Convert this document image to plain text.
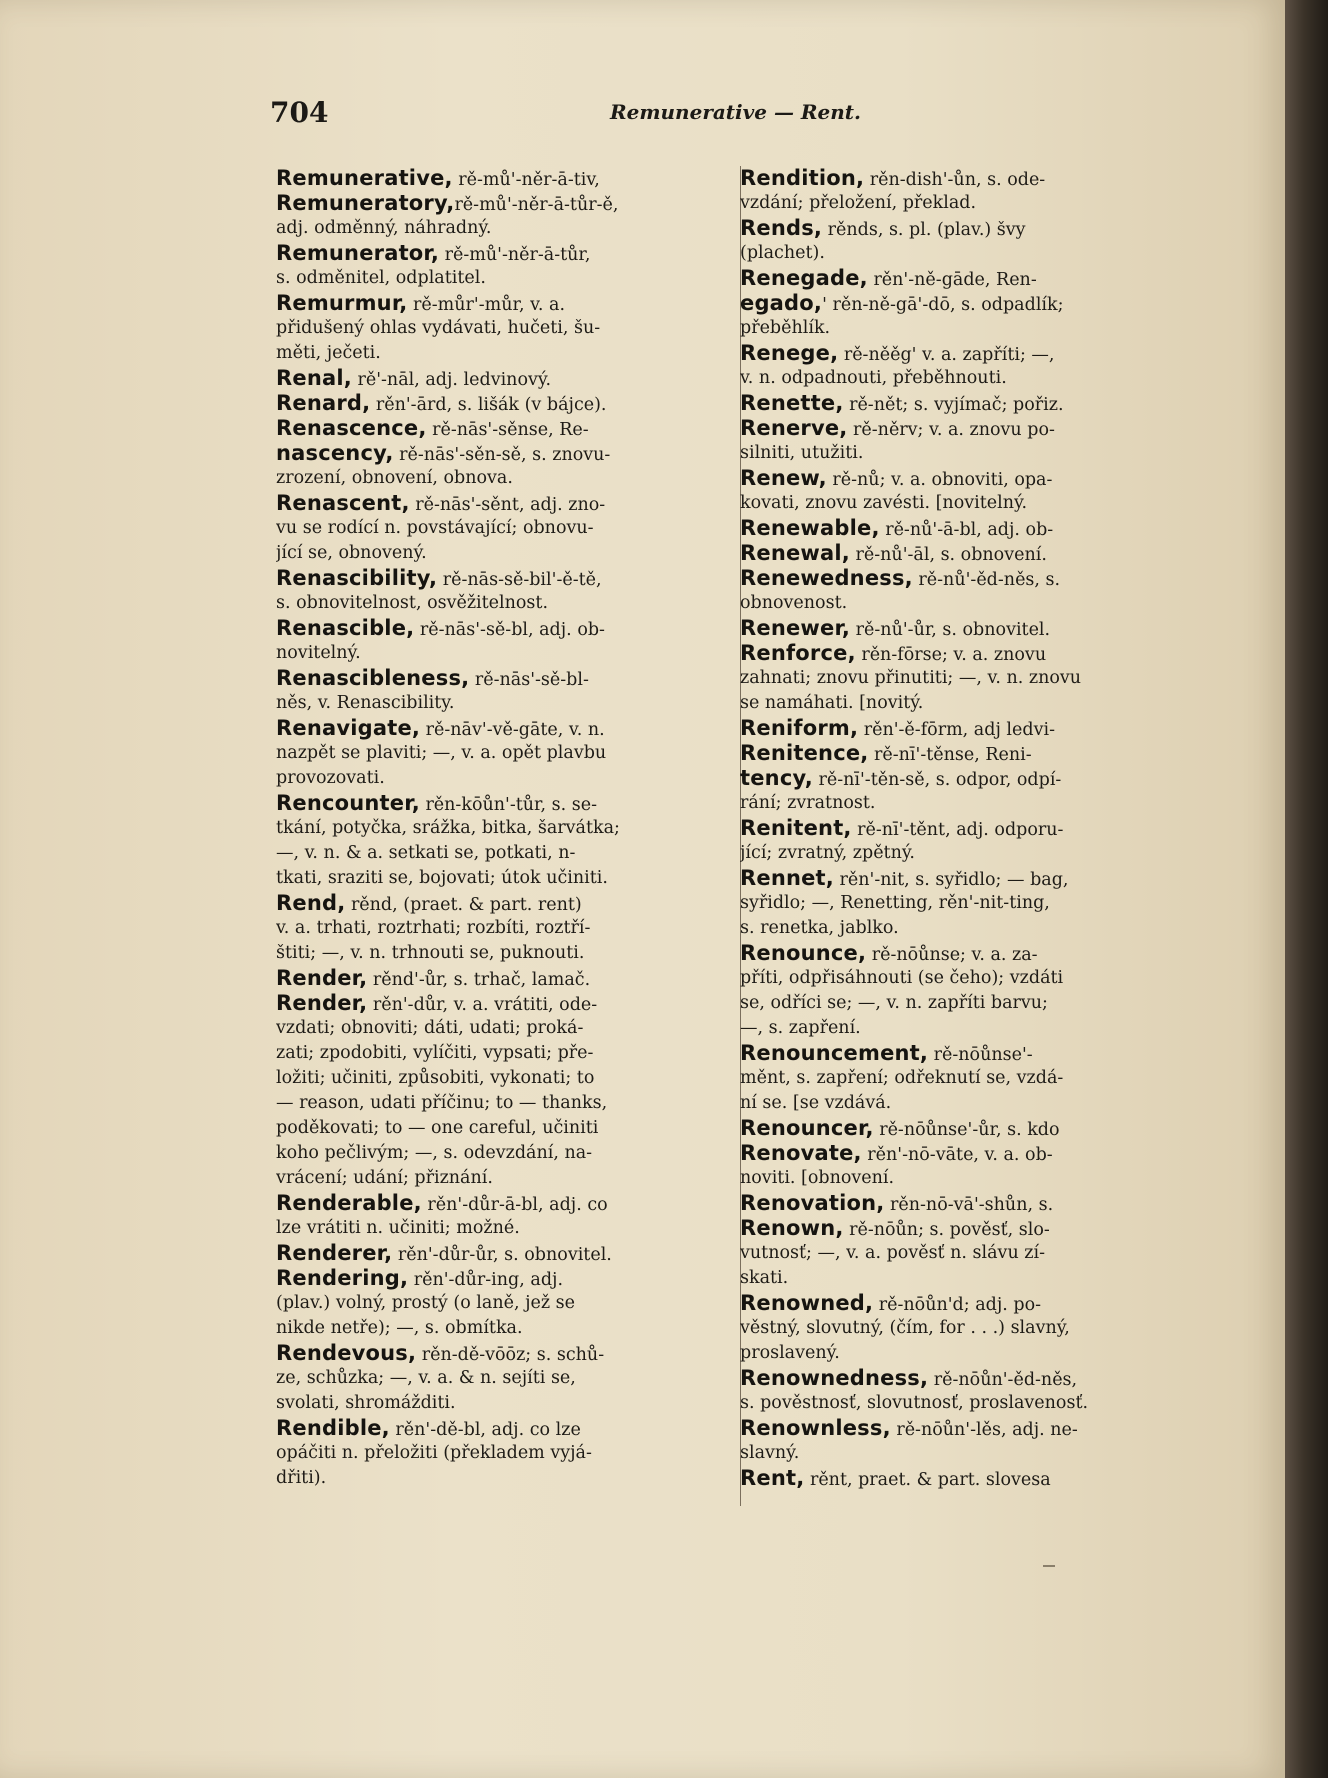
704	Remunerative — Rent.
Remunerative, rě-mů'-něr-ā-tiv,
Remuneratory,rě-mů'-něr-ā-tůr-ě,
adj. odměnný, náhradný.
Remunerator, rě-mů'-něr-ā-tůr,
s. odměnitel, odplatitel.
Remurmur, rě-můr'-můr, v. a.
přidušený ohlas vydávati, hučeti, šu-
měti, ječeti.
Renal, rě'-nāl, adj. ledvinový.
Renard, rěn'-ārd, s. lišák (v bájce).
Renascence, rě-nās'-sěnse, Re-
nascency, rě-nās'-sěn-sě, s. znovu-
zrození, obnovení, obnova.
Renascent, rě-nās'-sěnt, adj. zno-
vu se rodící n. povstávající; obnovu-
jící se, obnovený.
Renascibility, rě-nās-sě-bil'-ě-tě,
s. obnovitelnost, osvěžitelnost.
Renascible, rě-nās'-sě-bl, adj. ob-
novitelný.
Renascibleness, rě-nās'-sě-bl-
něs, v. Renascibility.
Renavigate, rě-nāv'-vě-gāte, v. n.
nazpět se plaviti; —, v. a. opět plavbu
provozovati.
Rencounter, rěn-kōůn'-tůr, s. se-
tkání, potyčka, srážka, bitka, šarvátka;
—, v. n. & a. setkati se, potkati, n-
tkati, sraziti se, bojovati; útok učiniti.
Rend, rěnd, (praet. & part. rent)
v. a. trhati, roztrhati; rozbíti, roztří-
štiti; —, v. n. trhnouti se, puknouti.
Render, rěnd'-ůr, s. trhač, lamač.
Render, rěn'-důr, v. a. vrátiti, ode-
vzdati; obnoviti; dáti, udati; proká-
zati; zpodobiti, vylíčiti, vypsati; pře-
ložiti; učiniti, způsobiti, vykonati; to
— reason, udati příčinu; to — thanks,
poděkovati; to — one careful, učiniti
koho pečlivým; —, s. odevzdání, na-
vrácení; udání; přiznání.
Renderable, rěn'-důr-ā-bl, adj. co
lze vrátiti n. učiniti; možné.
Renderer, rěn'-důr-ůr, s. obnovitel.
Rendering, rěn'-důr-ing, adj.
(plav.) volný, prostý (o laně, jež se
nikde netře); —, s. obmítka.
Rendevous, rěn-dě-vōōz; s. schů-
ze, schůzka; —, v. a. & n. sejíti se,
svolati, shromážditi.
Rendible, rěn'-dě-bl, adj. co lze
opáčiti n. přeložiti (překladem vyjá-
dřiti).
Rendition, rěn-dish'-ůn, s. ode-
vzdání; přeložení, překlad.
Rends, rěnds, s. pl. (plav.) švy
(plachet).
Renegade, rěn'-ně-gāde, Ren-
egado,' rěn-ně-gā'-dō, s. odpadlík;
přeběhlík.
Renege, rě-něěg' v. a. zapříti; —,
v. n. odpadnouti, přeběhnouti.
Renette, rě-nět; s. vyjímač; pořiz.
Renerve, rě-něrv; v. a. znovu po-
silniti, utužiti.
Renew, rě-nů; v. a. obnoviti, opa-
kovati, znovu zavésti. [novitelný.
Renewable, rě-nů'-ā-bl, adj. ob-
Renewal, rě-nů'-āl, s. obnovení.
Renewedness, rě-nů'-ěd-něs, s.
obnovenost.
Renewer, rě-nů'-ůr, s. obnovitel.
Renforce, rěn-fōrse; v. a. znovu
zahnati; znovu přinutiti; —, v. n. znovu
se namáhati. [novitý.
Reniform, rěn'-ě-fōrm, adj ledvi-
Renitence, rě-nī'-těnse, Reni-
tency, rě-nī'-těn-sě, s. odpor, odpí-
rání; zvratnost.
Renitent, rě-nī'-těnt, adj. odporu-
jící; zvratný, zpětný.
Rennet, rěn'-nit, s. syřidlo; — bag,
syřidlo; —, Renetting, rěn'-nit-ting,
s. renetka, jablko.
Renounce, rě-nōůnse; v. a. za-
příti, odpřisáhnouti (se čeho); vzdáti
se, odříci se; —, v. n. zapříti barvu;
—, s. zapření.
Renouncement, rě-nōůnse'-
měnt, s. zapření; odřeknutí se, vzdá-
ní se. [se vzdává.
Renouncer, rě-nōůnse'-ůr, s. kdo
Renovate, rěn'-nō-vāte, v. a. ob-
noviti. [obnovení.
Renovation, rěn-nō-vā'-shůn, s.
Renown, rě-nōůn; s. pověsť, slo-
vutnosť; —, v. a. pověsť n. slávu zí-
skati.
Renowned, rě-nōůn'd; adj. po-
věstný, slovutný, (čím, for . . .) slavný,
proslavený.
Renownedness, rě-nōůn'-ěd-něs,
s. pověstnosť, slovutnosť, proslavenosť.
Renownless, rě-nōůn'-lěs, adj. ne-
slavný.
Rent, rěnt, praet. & part. slovesa
